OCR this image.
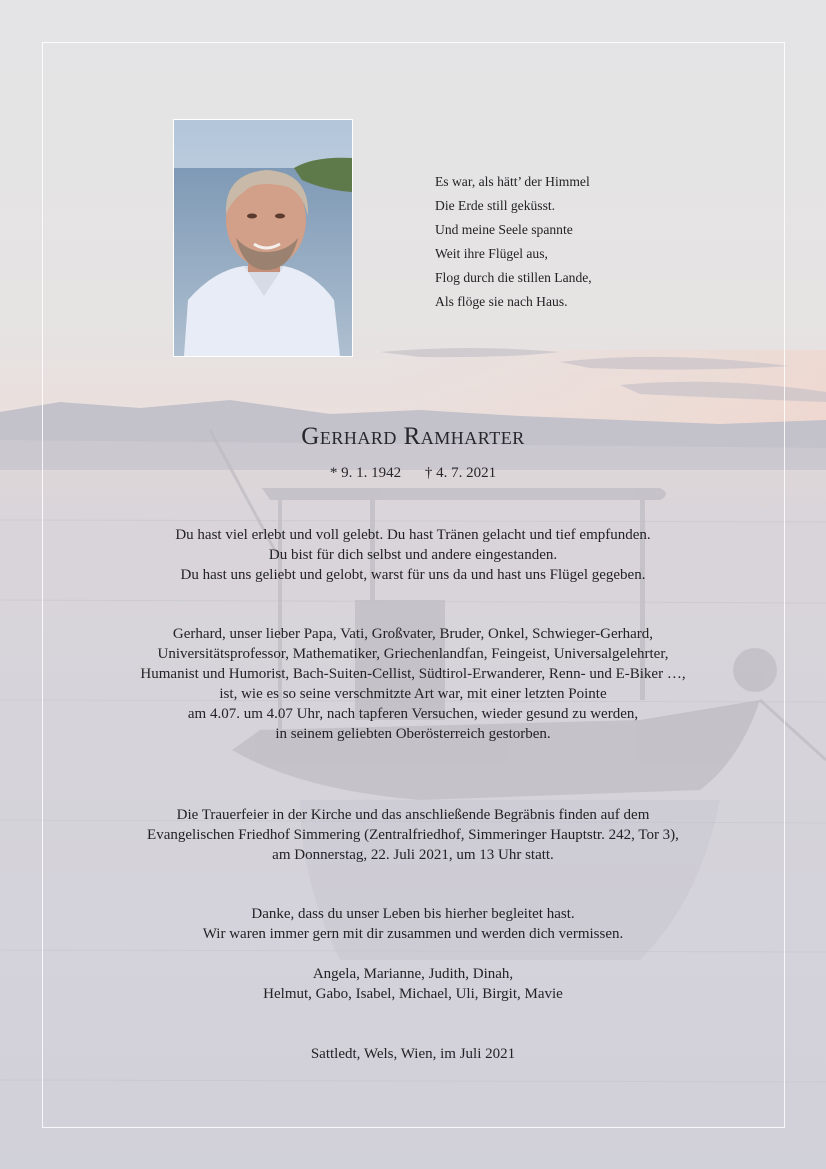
Es war, als hätt’ der Himmel
Die Erde still geküsst.
Und meine Seele spannte
Weit ihre Flügel aus,
Flog durch die stillen Lande,
Als flöge sie nach Haus.
Gerhard Ramharter
* 9. 1. 1942 † 4. 7. 2021
Du hast viel erlebt und voll gelebt. Du hast Tränen gelacht und tief empfunden.
Du bist für dich selbst und andere eingestanden.
Du hast uns geliebt und gelobt, warst für uns da und hast uns Flügel gegeben.
Gerhard, unser lieber Papa, Vati, Großvater, Bruder, Onkel, Schwieger-Gerhard,
Universitätsprofessor, Mathematiker, Griechenlandfan, Feingeist, Universalgelehrter,
Humanist und Humorist, Bach-Suiten-Cellist, Südtirol-Erwanderer, Renn- und E-Biker …,
ist, wie es so seine verschmitzte Art war, mit einer letzten Pointe
am 4.07. um 4.07 Uhr, nach tapferen Versuchen, wieder gesund zu werden,
in seinem geliebten Oberösterreich gestorben.
Die Trauerfeier in der Kirche und das anschließende Begräbnis finden auf dem
Evangelischen Friedhof Simmering (Zentralfriedhof, Simmeringer Hauptstr. 242, Tor 3),
am Donnerstag, 22. Juli 2021, um 13 Uhr statt.
Danke, dass du unser Leben bis hierher begleitet hast.
Wir waren immer gern mit dir zusammen und werden dich vermissen.
Angela, Marianne, Judith, Dinah,
Helmut, Gabo, Isabel, Michael, Uli, Birgit, Mavie
Sattledt, Wels, Wien, im Juli 2021
